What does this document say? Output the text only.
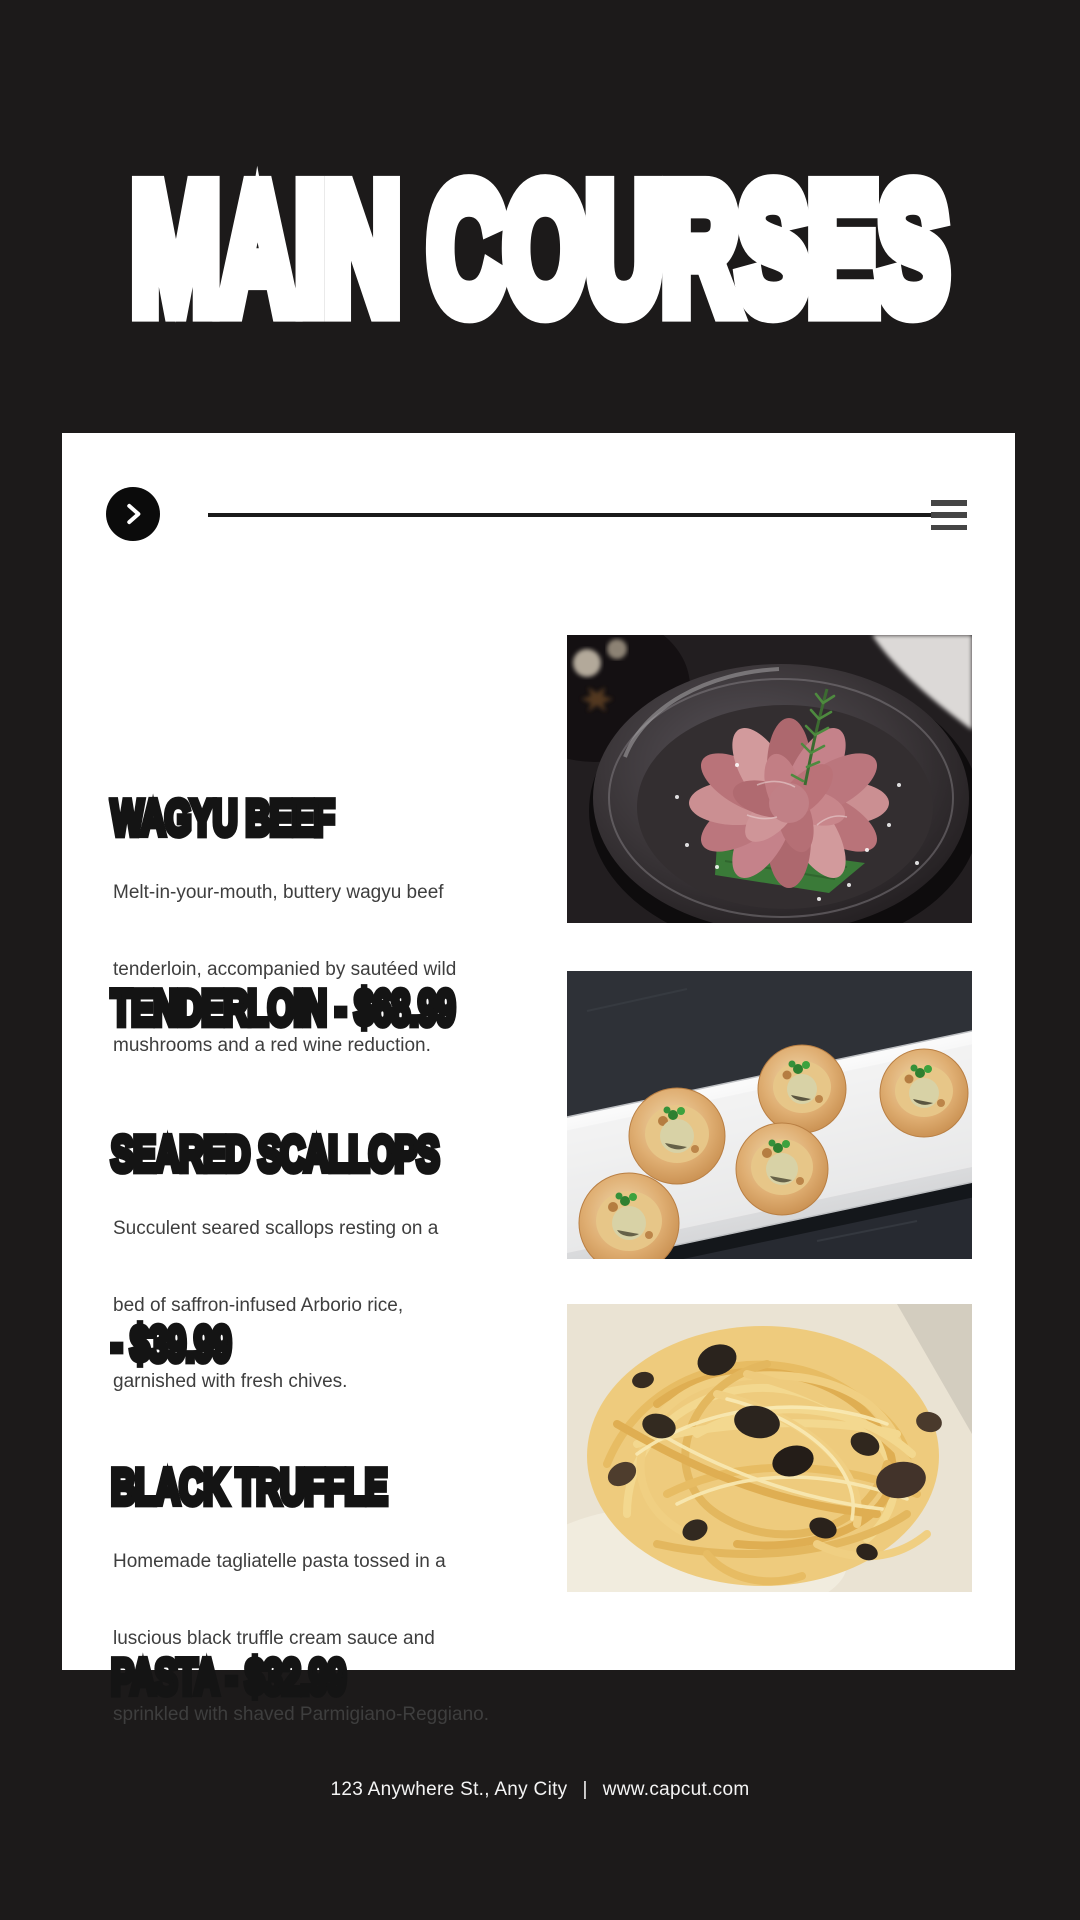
MAIN COURSES

WAGYU BEEF

TENDERLOIN - $68.99

Melt-in-your-mouth, buttery wagyu beef

tenderloin, accompanied by sautéed wild

mushrooms and a red wine reduction.

SEARED SCALLOPS

- $39.99

Succulent seared scallops resting on a

bed of saffron-infused Arborio rice,

garnished with fresh chives.

BLACK TRUFFLE

PASTA - $32.99

Homemade tagliatelle pasta tossed in a

luscious black truffle cream sauce and

sprinkled with shaved Parmigiano-Reggiano.

123 Anywhere St., Any City | www.capcut.com
